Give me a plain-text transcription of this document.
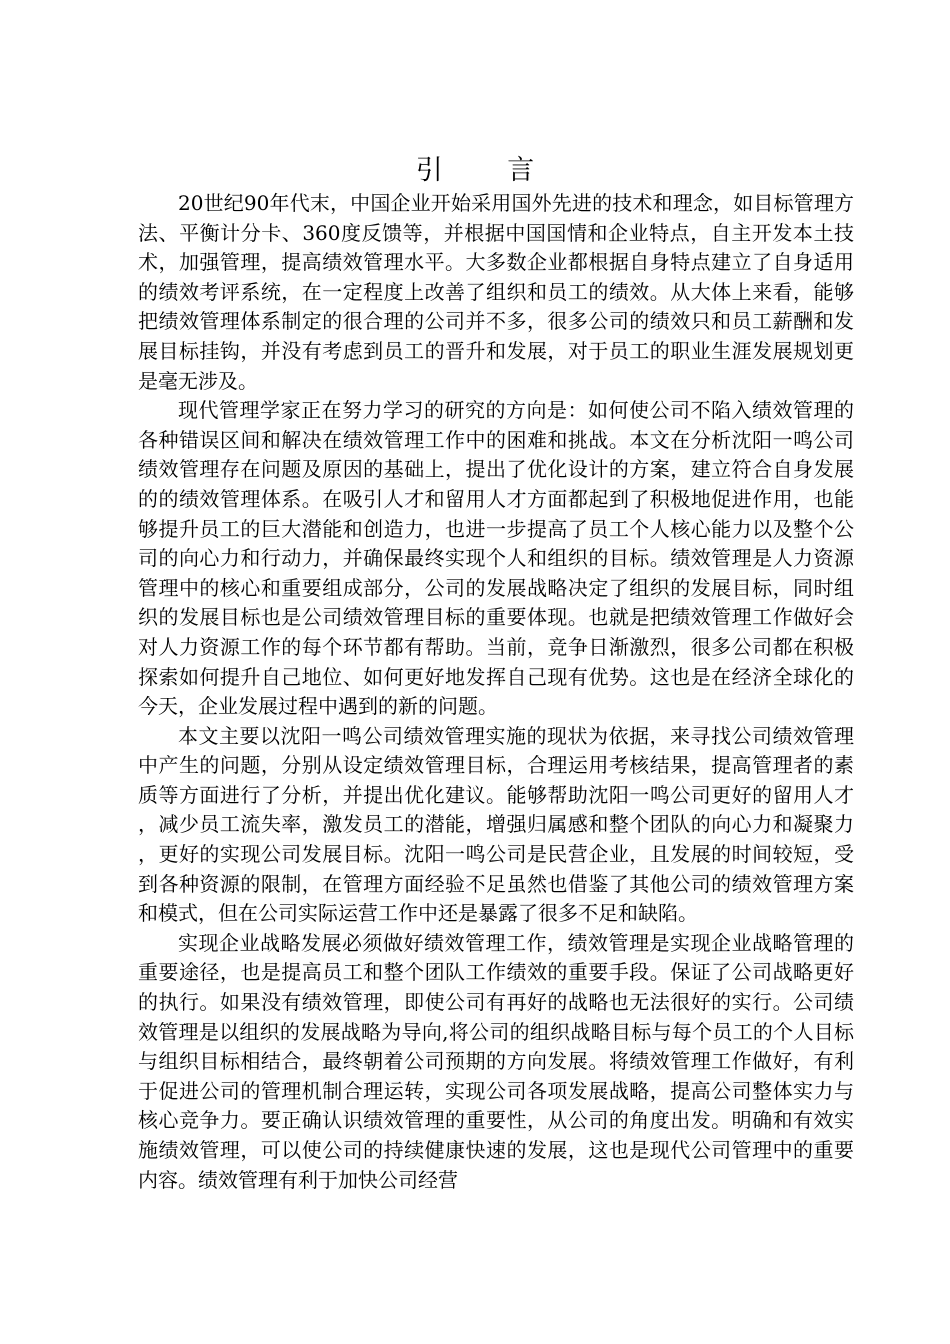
引 言

20世纪90年代末，中国企业开始采用国外先进的技术和理念，如目标管理方法、平衡计分卡、360度反馈等，并根据中国国情和企业特点，自主开发本土技术，加强管理，提高绩效管理水平。大多数企业都根据自身特点建立了自身适用的绩效考评系统，在一定程度上改善了组织和员工的绩效。从大体上来看，能够把绩效管理体系制定的很合理的公司并不多，很多公司的绩效只和员工薪酬和发展目标挂钩，并没有考虑到员工的晋升和发展，对于员工的职业生涯发展规划更是毫无涉及。

现代管理学家正在努力学习的研究的方向是：如何使公司不陷入绩效管理的各种错误区间和解决在绩效管理工作中的困难和挑战。本文在分析沈阳一鸣公司绩效管理存在问题及原因的基础上，提出了优化设计的方案，建立符合自身发展的的绩效管理体系。在吸引人才和留用人才方面都起到了积极地促进作用，也能够提升员工的巨大潜能和创造力，也进一步提高了员工个人核心能力以及整个公司的向心力和行动力，并确保最终实现个人和组织的目标。绩效管理是人力资源管理中的核心和重要组成部分，公司的发展战略决定了组织的发展目标，同时组织的发展目标也是公司绩效管理目标的重要体现。也就是把绩效管理工作做好会对人力资源工作的每个环节都有帮助。当前，竞争日渐激烈，很多公司都在积极探索如何提升自己地位、如何更好地发挥自己现有优势。这也是在经济全球化的今天，企业发展过程中遇到的新的问题。

本文主要以沈阳一鸣公司绩效管理实施的现状为依据，来寻找公司绩效管理中产生的问题，分别从设定绩效管理目标，合理运用考核结果，提高管理者的素质等方面进行了分析，并提出优化建议。能够帮助沈阳一鸣公司更好的留用人才，减少员工流失率，激发员工的潜能，增强归属感和整个团队的向心力和凝聚力，更好的实现公司发展目标。沈阳一鸣公司是民营企业，且发展的时间较短，受到各种资源的限制，在管理方面经验不足虽然也借鉴了其他公司的绩效管理方案和模式，但在公司实际运营工作中还是暴露了很多不足和缺陷。

实现企业战略发展必须做好绩效管理工作，绩效管理是实现企业战略管理的重要途径，也是提高员工和整个团队工作绩效的重要手段。保证了公司战略更好的执行。如果没有绩效管理，即使公司有再好的战略也无法很好的实行。公司绩效管理是以组织的发展战略为导向,将公司的组织战略目标与每个员工的个人目标与组织目标相结合，最终朝着公司预期的方向发展。将绩效管理工作做好，有利于促进公司的管理机制合理运转，实现公司各项发展战略，提高公司整体实力与核心竞争力。要正确认识绩效管理的重要性，从公司的角度出发。明确和有效实施绩效管理，可以使公司的持续健康快速的发展，这也是现代公司管理中的重要内容。绩效管理有利于加快公司经营
